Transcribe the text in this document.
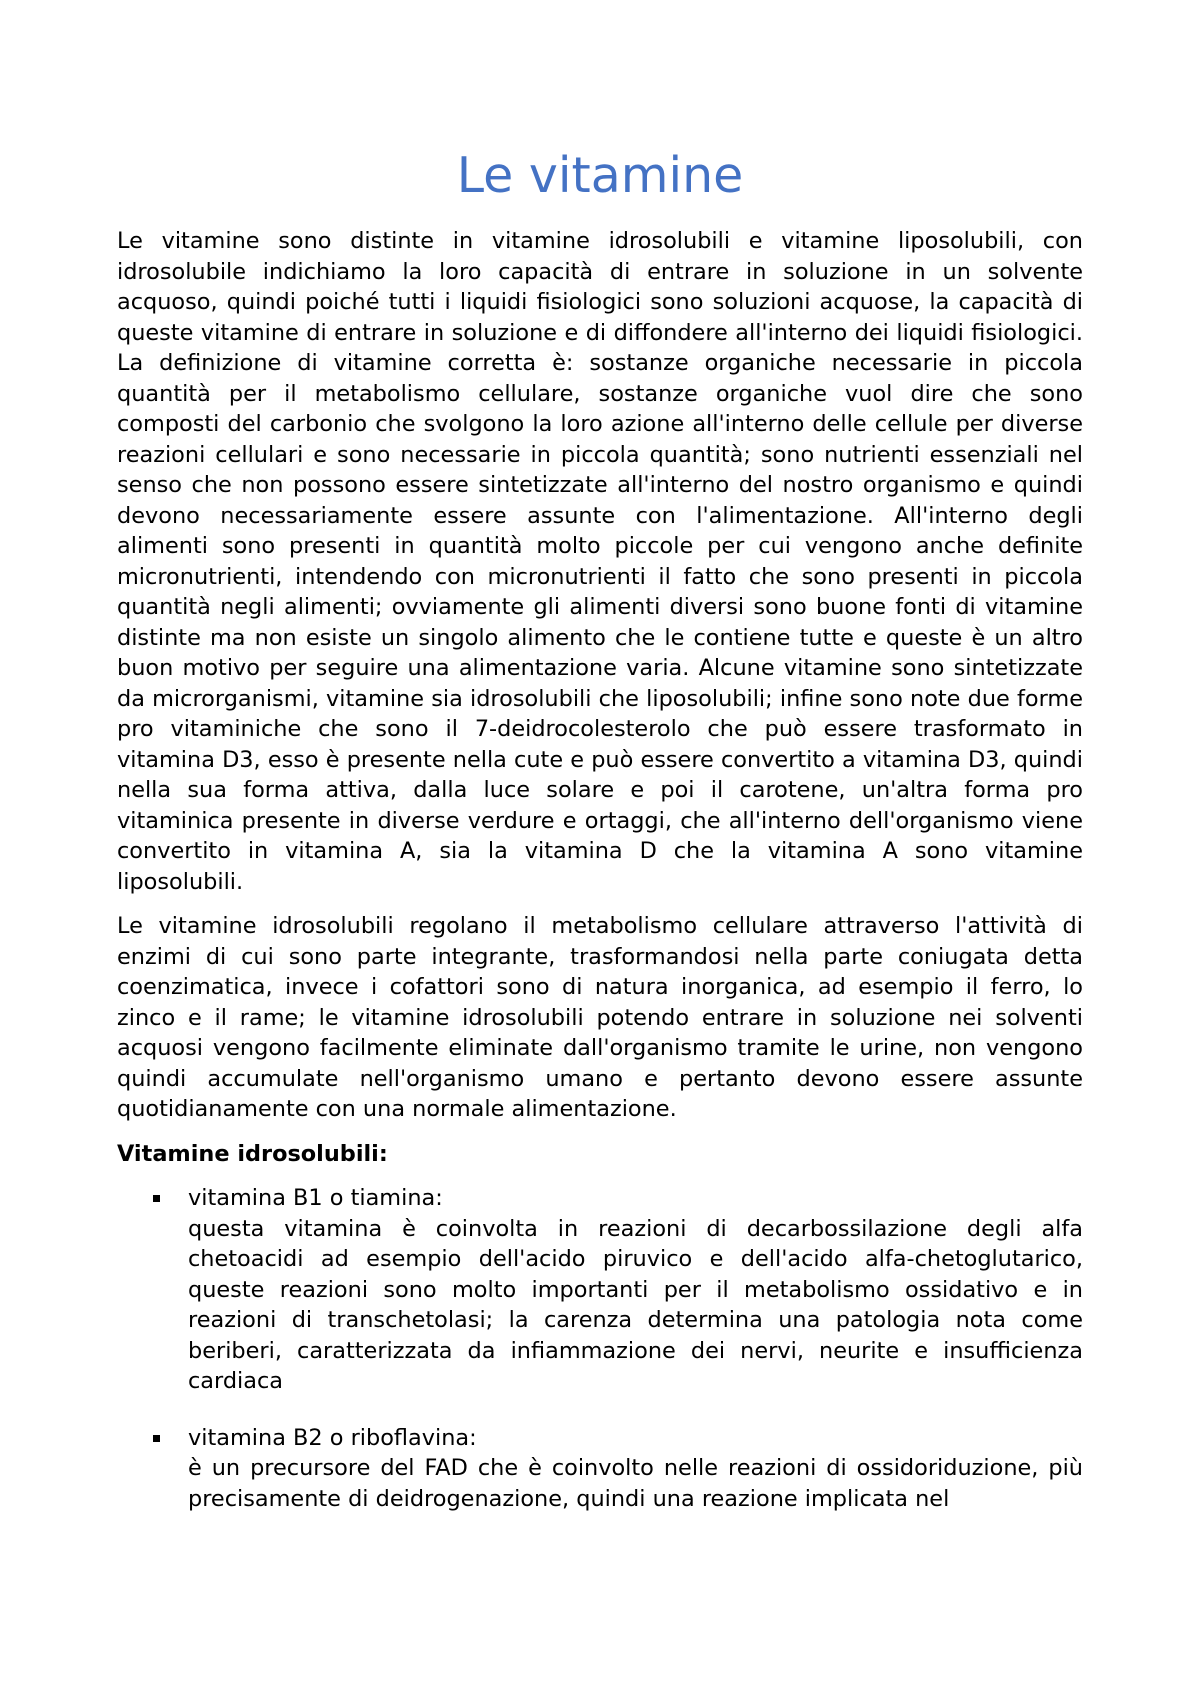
Le vitamine

Le vitamine sono distinte in vitamine idrosolubili e vitamine liposolubili, con idrosolubile indichiamo la loro capacità di entrare in soluzione in un solvente acquoso, quindi poiché tutti i liquidi fisiologici sono soluzioni acquose, la capacità di queste vitamine di entrare in soluzione e di diffondere all'interno dei liquidi fisiologici. La definizione di vitamine corretta è: sostanze organiche necessarie in piccola quantità per il metabolismo cellulare, sostanze organiche vuol dire che sono composti del carbonio che svolgono la loro azione all'interno delle cellule per diverse reazioni cellulari e sono necessarie in piccola quantità; sono nutrienti essenziali nel senso che non possono essere sintetizzate all'interno del nostro organismo e quindi devono necessariamente essere assunte con l'alimentazione. All'interno degli alimenti sono presenti in quantità molto piccole per cui vengono anche definite micronutrienti, intendendo con micronutrienti il fatto che sono presenti in piccola quantità negli alimenti; ovviamente gli alimenti diversi sono buone fonti di vitamine distinte ma non esiste un singolo alimento che le contiene tutte e queste è un altro buon motivo per seguire una alimentazione varia. Alcune vitamine sono sintetizzate da microrganismi, vitamine sia idrosolubili che liposolubili; infine sono note due forme pro vitaminiche che sono il 7-deidrocolesterolo che può essere trasformato in vitamina D3, esso è presente nella cute e può essere convertito a vitamina D3, quindi nella sua forma attiva, dalla luce solare e poi il carotene, un'altra forma pro vitaminica presente in diverse verdure e ortaggi, che all'interno dell'organismo viene convertito in vitamina A, sia la vitamina D che la vitamina A sono vitamine liposolubili.

Le vitamine idrosolubili regolano il metabolismo cellulare attraverso l'attività di enzimi di cui sono parte integrante, trasformandosi nella parte coniugata detta coenzimatica, invece i cofattori sono di natura inorganica, ad esempio il ferro, lo zinco e il rame; le vitamine idrosolubili potendo entrare in soluzione nei solventi acquosi vengono facilmente eliminate dall'organismo tramite le urine, non vengono quindi accumulate nell'organismo umano e pertanto devono essere assunte quotidianamente con una normale alimentazione.

Vitamine idrosolubili:
vitamina B1 o tiamina:
questa vitamina è coinvolta in reazioni di decarbossilazione degli alfa chetoacidi ad esempio dell'acido piruvico e dell'acido alfa-chetoglutarico, queste reazioni sono molto importanti per il metabolismo ossidativo e in reazioni di transchetolasi; la carenza determina una patologia nota come beriberi, caratterizzata da infiammazione dei nervi, neurite e insufficienza cardiaca
vitamina B2 o riboflavina:
è un precursore del FAD che è coinvolto nelle reazioni di ossidoriduzione, più precisamente di deidrogenazione, quindi una reazione implicata nel
